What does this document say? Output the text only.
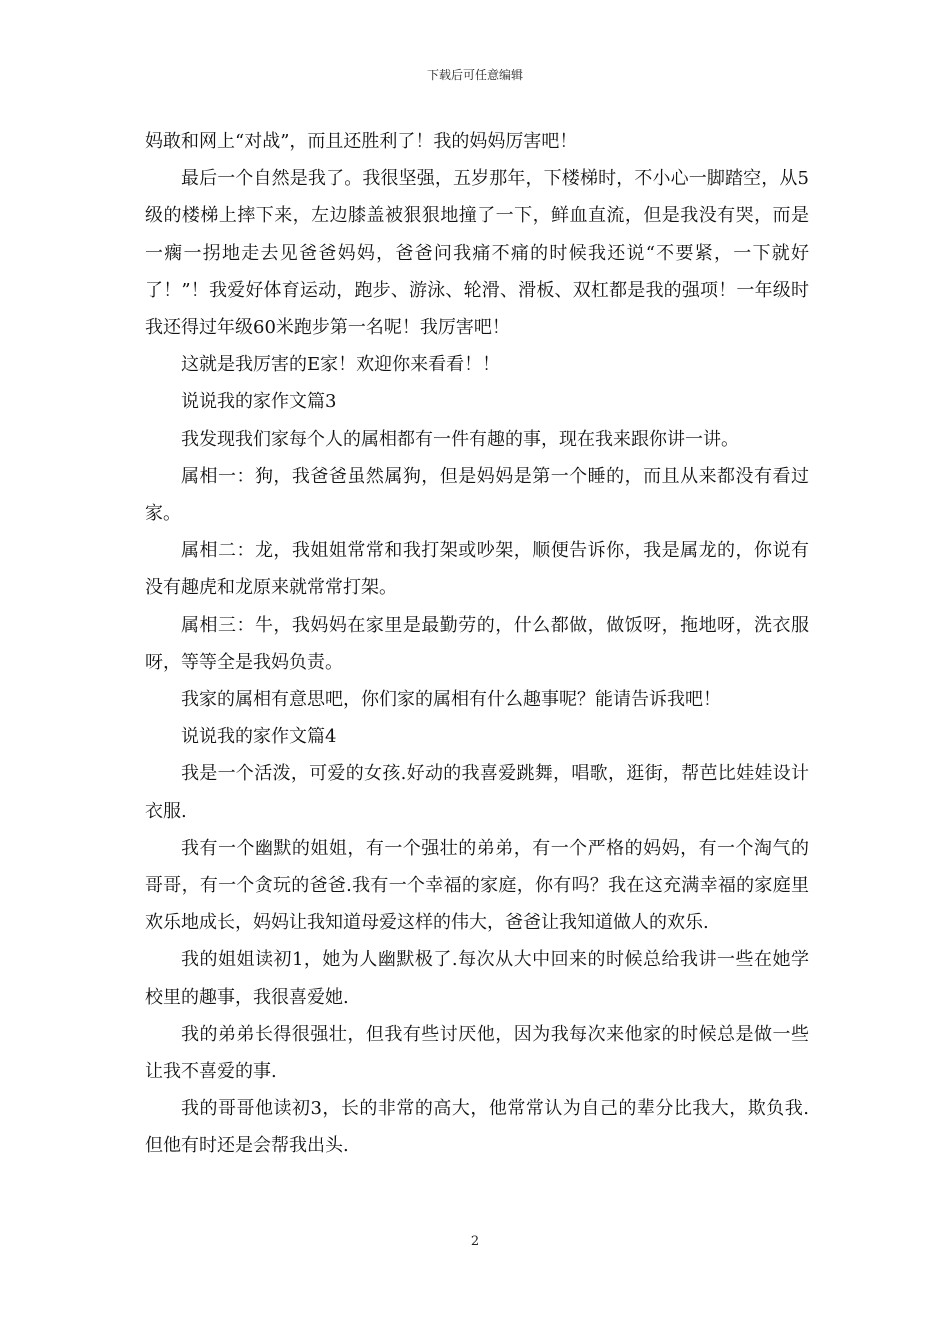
下载后可任意编辑

妈敢和网上“对战”，而且还胜利了！我的妈妈厉害吧！

最后一个自然是我了。我很坚强，五岁那年，下楼梯时，不小心一脚踏空，从5级的楼梯上摔下来，左边膝盖被狠狠地撞了一下，鲜血直流，但是我没有哭，而是一瘸一拐地走去见爸爸妈妈，爸爸问我痛不痛的时候我还说“不要紧，一下就好了！”！我爱好体育运动，跑步、游泳、轮滑、滑板、双杠都是我的强项！一年级时我还得过年级60米跑步第一名呢！我厉害吧！

这就是我厉害的E家！欢迎你来看看！！

说说我的家作文篇3

我发现我们家每个人的属相都有一件有趣的事，现在我来跟你讲一讲。

属相一：狗，我爸爸虽然属狗，但是妈妈是第一个睡的，而且从来都没有看过家。

属相二：龙，我姐姐常常和我打架或吵架，顺便告诉你，我是属龙的，你说有没有趣虎和龙原来就常常打架。

属相三：牛，我妈妈在家里是最勤劳的，什么都做，做饭呀，拖地呀，洗衣服呀，等等全是我妈负责。

我家的属相有意思吧，你们家的属相有什么趣事呢？能请告诉我吧！

说说我的家作文篇4

我是一个活泼，可爱的女孩.好动的我喜爱跳舞，唱歌，逛街，帮芭比娃娃设计衣服.

我有一个幽默的姐姐，有一个强壮的弟弟，有一个严格的妈妈，有一个淘气的哥哥，有一个贪玩的爸爸.我有一个幸福的家庭，你有吗？我在这充满幸福的家庭里欢乐地成长，妈妈让我知道母爱这样的伟大，爸爸让我知道做人的欢乐.

我的姐姐读初1，她为人幽默极了.每次从大中回来的时候总给我讲一些在她学校里的趣事，我很喜爱她.

我的弟弟长得很强壮，但我有些讨厌他，因为我每次来他家的时候总是做一些让我不喜爱的事.

我的哥哥他读初3，长的非常的高大，他常常认为自己的辈分比我大，欺负我.但他有时还是会帮我出头.

2
